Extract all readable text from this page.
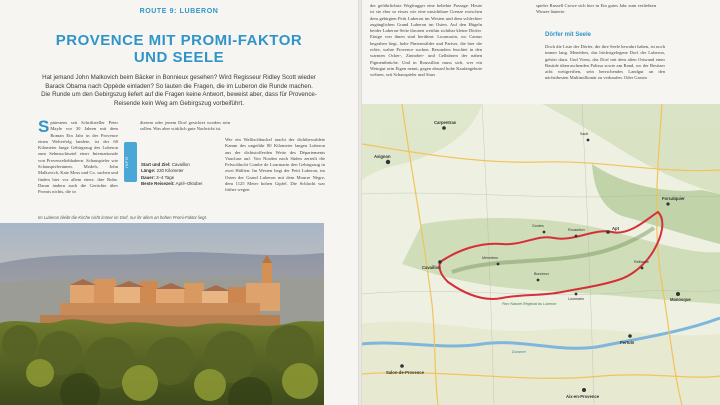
ROUTE 9: LUBERON
PROVENCE MIT PROMI-FAKTOR
UND SEELE
Hat jemand John Malkovich beim Bäcker in Bonnieux gesehen? Wird Regisseur Ridley Scott wieder Barack Obama nach Oppède einladen? So lauten die Fragen, die im Luberon die Runde machen. Die Runde um den Gebirgszug liefert auf die Fragen keine Antwort, beweist aber, dass für Provence-Reisende kein Weg am Gebirgszug vorbeiführt.
Spätestens seit Schriftsteller Peter Mayle vor 30 Jahren mit dem Roman Ein Jahr in der Provence einen Welterfolg landete, ist der 60 Kilometer lange Gebirgszug des Luberon zum Sehnsuchtsziel einer Internationale von Provenceliebhabern. Schauspieler wie Schauspielerinnen, Models, John Malkovich, Kate Moss und Co. suchen und finden hier vor allem eines: ihre Ruhe. Daran ändern auch die Gerüchte über Promis nichts, die in
diesem oder jenem Dorf gesichtet worden sein sollen. Was aber wirklich gute Nachricht ist.
Wie ein Walfischbuckel taucht der dichtbewaldete Kamm des ungefähr 80 Kilometer langen Luberon aus der dichtstofferden Weite des Départements Vaucluse auf. Von Norden nach Süden zerteilt die Felsschlucht Combe de Lourmarin den Gebirgszug in zwei Hälften: Im Westen liegt der Petit Luberon, im Osten der Grand Luberon mit dem Mourre Nègre, dem 1125 Meter hohen Gipfel. Die Schlacht war früher wegen
INFO	Start und Ziel: Cavaillon
Länge: 220 Kilometer
Dauer: 3–4 Tage
Beste Reisezeit: April–Oktober
Im Luberon bleibt die Kirche nicht immer im Dorf, nur ihr allem an hohen Promi-Faktor liegt.
der gefährlichste Wegfragger eine beliebte Passage. Heute ist sie eher so etwas wie eine unsichtbare Grenze zwischen dem gebirgten Petit Luberon im Westen und dem schlechter zugänglichen Grand Luberon im Osten. Auf den Hügeln beider Luberon-Seite thronen weithin sichtbar kleine Dörfer. Einige von ihnen sind berühmt: Lourmarin, wo Camus begraben liegt, hohe Pinienwälder und Pariser, die hier die echte, wahre Provence suchen. Besonders leuchtet in den warmen Ocker-, Zinnober- und Gelbtönen der nahen Pigmentbrüche. Und in Roussillon muss sich, wer ein Weingut sein Eigen nennt, gegen absurd hohe Kaufangebote wehren, seit Schauspieler und Stars
spieler Russell Crowe sich hier in Ein gutes Jahr zum verliebten Winzer läuterte.
Dörfer mit Seele
Doch die Liste der Dörfer, die ihre Seele bewahrt haben, ist noch immer lang. Menérbes, das höchstgelegene Dorf der Luberon, gehört dazu. Und Viens, das Dorf mit dem alten Ortsrand einer Bastide überraschenden Palissa sowie am Rand, wo der Besitzer acht weitgreiften, sein herrschendes Landgut an den nächstbesten Multimillionär zu verkaufen. Oder Gassin
Avignon
Cavaillon
Apt
Gordes
Roussillon
Bonnieux
Lourmarin	Manosque
Pertuis
Forcalquier
Carpentras
Salon-de-Provence
Aix-en-Provence
Parc Naturel Régional du Luberon
Durance
Sault
Reillanne
Ménerbes
